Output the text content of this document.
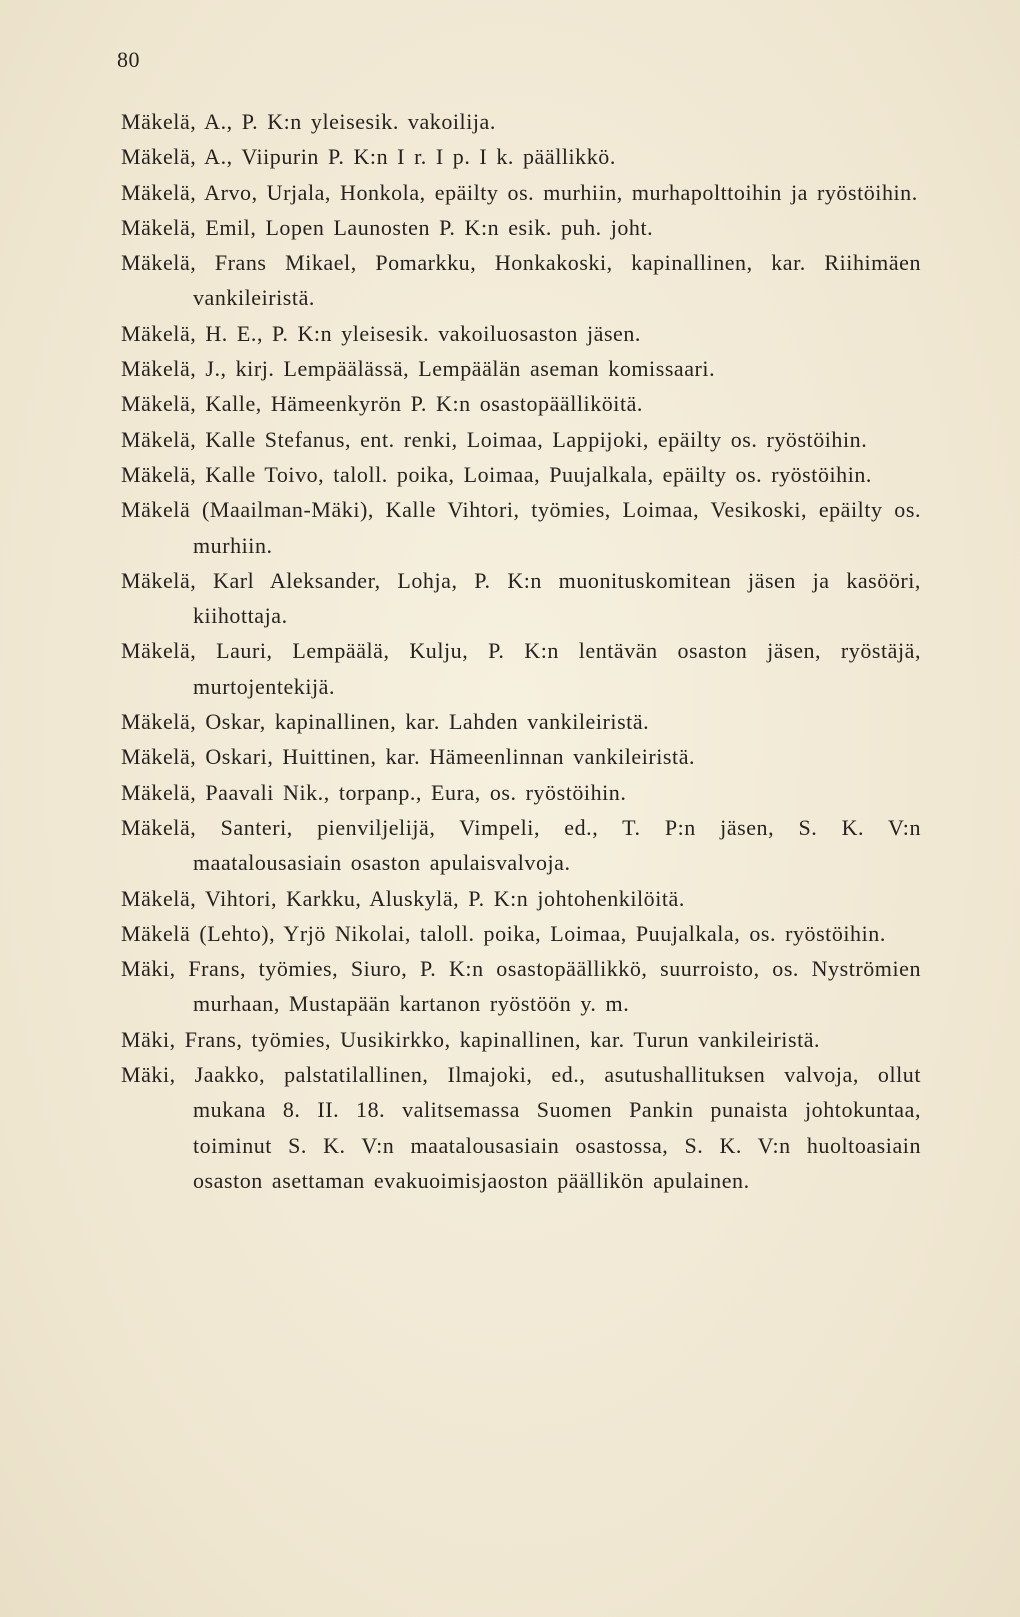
80
Mäkelä, A., P. K:n yleisesik. vakoilija.
Mäkelä, A., Viipurin P. K:n I r. I p. I k. päällikkö.
Mäkelä, Arvo, Urjala, Honkola, epäilty os. murhiin, murhapolttoihin ja ryöstöihin.
Mäkelä, Emil, Lopen Launosten P. K:n esik. puh. joht.
Mäkelä, Frans Mikael, Pomarkku, Honkakoski, kapinallinen, kar. Riihimäen vankileiristä.
Mäkelä, H. E., P. K:n yleisesik. vakoiluosaston jäsen.
Mäkelä, J., kirj. Lempäälässä, Lempäälän aseman komissaari.
Mäkelä, Kalle, Hämeenkyrön P. K:n osastopäälliköitä.
Mäkelä, Kalle Stefanus, ent. renki, Loimaa, Lappijoki, epäilty os. ryöstöihin.
Mäkelä, Kalle Toivo, taloll. poika, Loimaa, Puujalkala, epäilty os. ryöstöihin.
Mäkelä (Maailman-Mäki), Kalle Vihtori, työmies, Loimaa, Vesikoski, epäilty os. murhiin.
Mäkelä, Karl Aleksander, Lohja, P. K:n muonituskomitean jäsen ja kasööri, kiihottaja.
Mäkelä, Lauri, Lempäälä, Kulju, P. K:n lentävän osaston jäsen, ryöstäjä, murtojentekijä.
Mäkelä, Oskar, kapinallinen, kar. Lahden vankileiristä.
Mäkelä, Oskari, Huittinen, kar. Hämeenlinnan vankileiristä.
Mäkelä, Paavali Nik., torpanp., Eura, os. ryöstöihin.
Mäkelä, Santeri, pienviljelijä, Vimpeli, ed., T. P:n jäsen, S. K. V:n maatalousasiain osaston apulaisvalvoja.
Mäkelä, Vihtori, Karkku, Aluskylä, P. K:n johtohenkilöitä.
Mäkelä (Lehto), Yrjö Nikolai, taloll. poika, Loimaa, Puujalkala, os. ryöstöihin.
Mäki, Frans, työmies, Siuro, P. K:n osastopäällikkö, suurroisto, os. Nyströmien murhaan, Mustapään kartanon ryöstöön y. m.
Mäki, Frans, työmies, Uusikirkko, kapinallinen, kar. Turun vankileiristä.
Mäki, Jaakko, palstatilallinen, Ilmajoki, ed., asutushallituksen valvoja, ollut mukana 8. II. 18. valitsemassa Suomen Pankin punaista johtokuntaa, toiminut S. K. V:n maatalousasiain osastossa, S. K. V:n huoltoasiain osaston asettaman evakuoimisjaoston päällikön apulainen.
